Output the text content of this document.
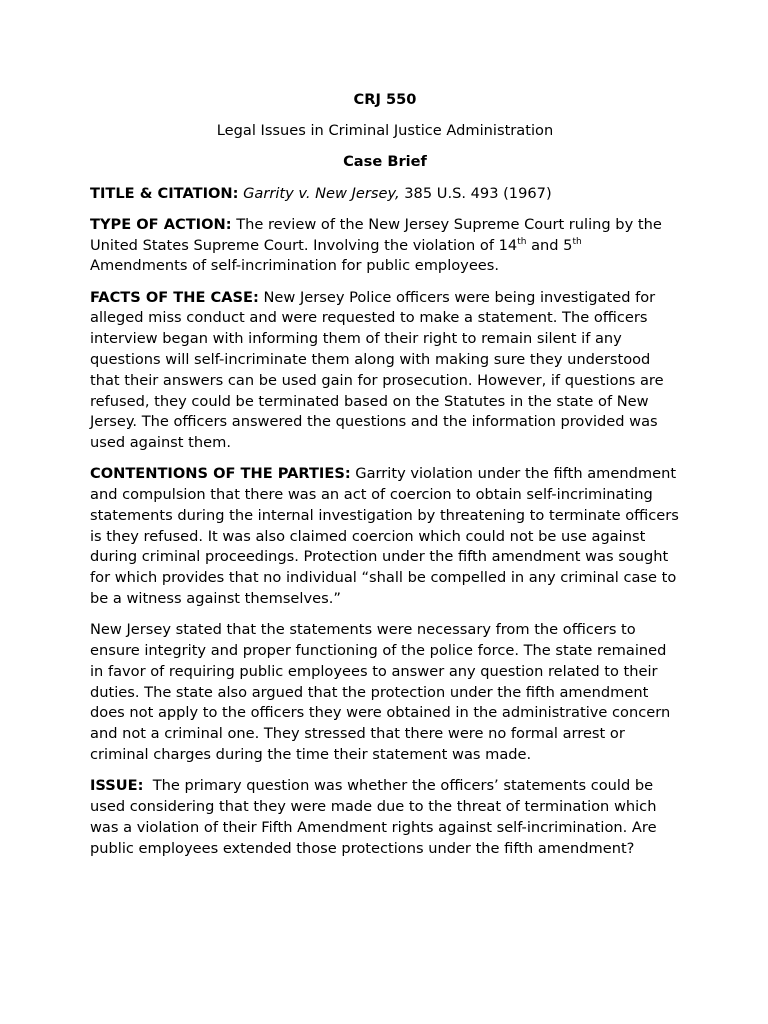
CRJ 550
Legal Issues in Criminal Justice Administration
Case Brief

TITLE & CITATION: Garrity v. New Jersey, 385 U.S. 493 (1967)

TYPE OF ACTION: The review of the New Jersey Supreme Court ruling by the United States Supreme Court. Involving the violation of 14th and 5th Amendments of self-incrimination for public employees.

FACTS OF THE CASE: New Jersey Police officers were being investigated for alleged miss conduct and were requested to make a statement. The officers interview began with informing them of their right to remain silent if any questions will self-incriminate them along with making sure they understood that their answers can be used gain for prosecution. However, if questions are refused, they could be terminated based on the Statutes in the state of New Jersey. The officers answered the questions and the information provided was used against them.

CONTENTIONS OF THE PARTIES: Garrity violation under the fifth amendment and compulsion that there was an act of coercion to obtain self-incriminating statements during the internal investigation by threatening to terminate officers is they refused. It was also claimed coercion which could not be use against during criminal proceedings. Protection under the fifth amendment was sought for which provides that no individual “shall be compelled in any criminal case to be a witness against themselves.”

New Jersey stated that the statements were necessary from the officers to ensure integrity and proper functioning of the police force. The state remained in favor of requiring public employees to answer any question related to their duties. The state also argued that the protection under the fifth amendment does not apply to the officers they were obtained in the administrative concern and not a criminal one. They stressed that there were no formal arrest or criminal charges during the time their statement was made.

ISSUE:  The primary question was whether the officers’ statements could be used considering that they were made due to the threat of termination which was a violation of their Fifth Amendment rights against self-incrimination. Are public employees extended those protections under the fifth amendment?
